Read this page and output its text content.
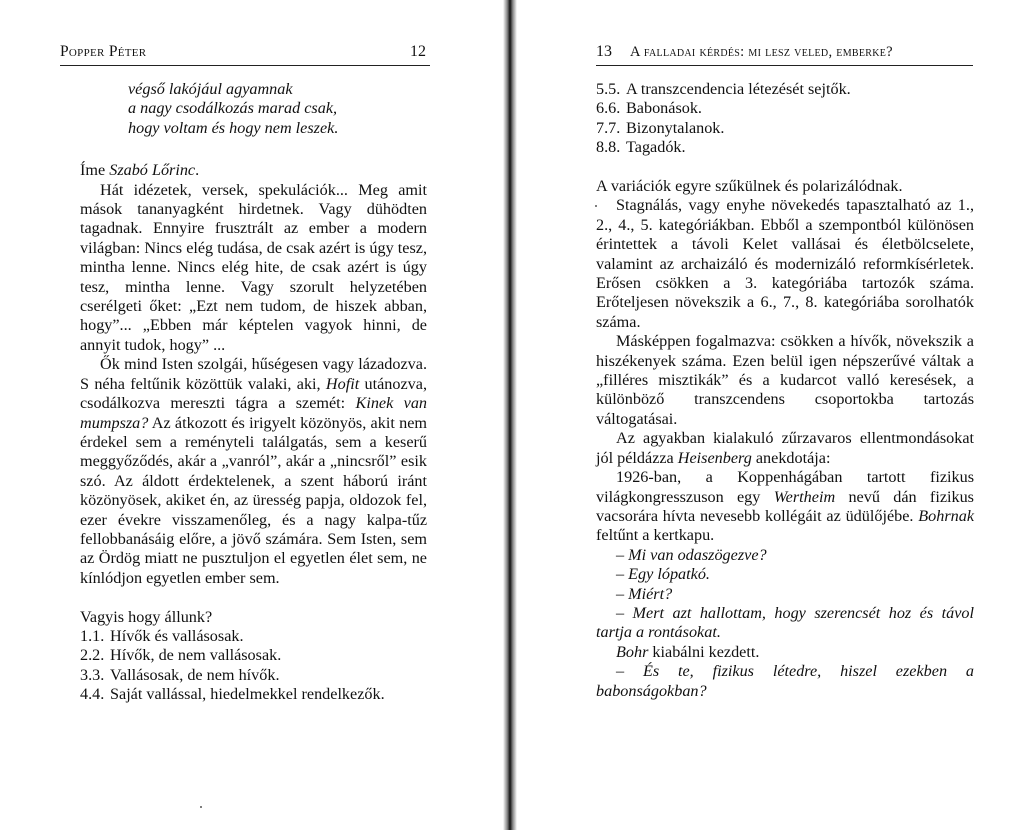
Popper Péter	12
végső lakójául agyamnak
a nagy csodálkozás marad csak,
hogy voltam és hogy nem leszek.

Íme Szabó Lőrinc.

Hát idézetek, versek, spekulációk... Meg amit mások tananyagként hirdetnek. Vagy dühödten tagadnak. Ennyire frusztrált az ember a modern világban: Nincs elég tudása, de csak azért is úgy tesz, mintha lenne. Nincs elég hite, de csak azért is úgy tesz, mintha lenne. Vagy szorult helyzetében cserélgeti őket: „Ezt nem tudom, de hiszek abban, hogy”... „Ebben már képtelen vagyok hinni, de annyit tudok, hogy” ...

Ők mind Isten szolgái, hűségesen vagy lázadozva. S néha feltűnik közöttük valaki, aki, Hofit utánozva, csodálkozva mereszti tágra a szemét: Kinek van mumpsza? Az átkozott és irigyelt közönyös, akit nem érdekel sem a reményteli találgatás, sem a keserű meggyőződés, akár a „vanról”, akár a „nincsről” esik szó. Az áldott érdektelenek, a szent háború iránt közönyösek, akiket én, az üresség papja, oldozok fel, ezer évekre visszamenőleg, és a nagy kalpa-tűz fellobbanásáig előre, a jövő számára. Sem Isten, sem az Ördög miatt ne pusztuljon el egyetlen élet sem, ne kínlódjon egyetlen ember sem.

Vagyis hogy állunk?

1.1. Hívők és vallásosak.
2.2. Hívők, de nem vallásosak.
3.3. Vallásosak, de nem hívők.
4.4. Saját vallással, hiedelmekkel rendelkezők.
13 A falladai kérdés: mi lesz veled, emberke?
5.5. A transzcendencia létezését sejtők.
6.6. Babonások.
7.7. Bizonytalanok.
8.8. Tagadók.

A variációk egyre szűkülnek és polarizálódnak.

Stagnálás, vagy enyhe növekedés tapasztalható az 1., 2., 4., 5. kategóriákban. Ebből a szempontból különösen érintettek a távoli Kelet vallásai és életbölcselete, valamint az archaizáló és modernizáló reformkísérletek. Erősen csökken a 3. kategóriába tartozók száma. Erőteljesen növekszik a 6., 7., 8. kategóriába sorolhatók száma.

Másképpen fogalmazva: csökken a hívők, növekszik a hiszékenyek száma. Ezen belül igen népszerűvé váltak a „filléres misztikák” és a kudarcot valló keresések, a különböző transzcendens csoportokba tartozás váltogatásai.

Az agyakban kialakuló zűrzavaros ellentmondásokat jól példázza Heisenberg anekdotája:

1926-ban, a Koppenhágában tartott fizikus világkongresszuson egy Wertheim nevű dán fizikus vacsorára hívta nevesebb kollégáit az üdülőjébe. Bohrnak feltűnt a kertkapu.

– Mi van odaszögezve?

– Egy lópatkó.

– Miért?

– Mert azt hallottam, hogy szerencsét hoz és távol tartja a rontásokat.

Bohr kiabálni kezdett.

– És te, fizikus létedre, hiszel ezekben a babonságokban?
